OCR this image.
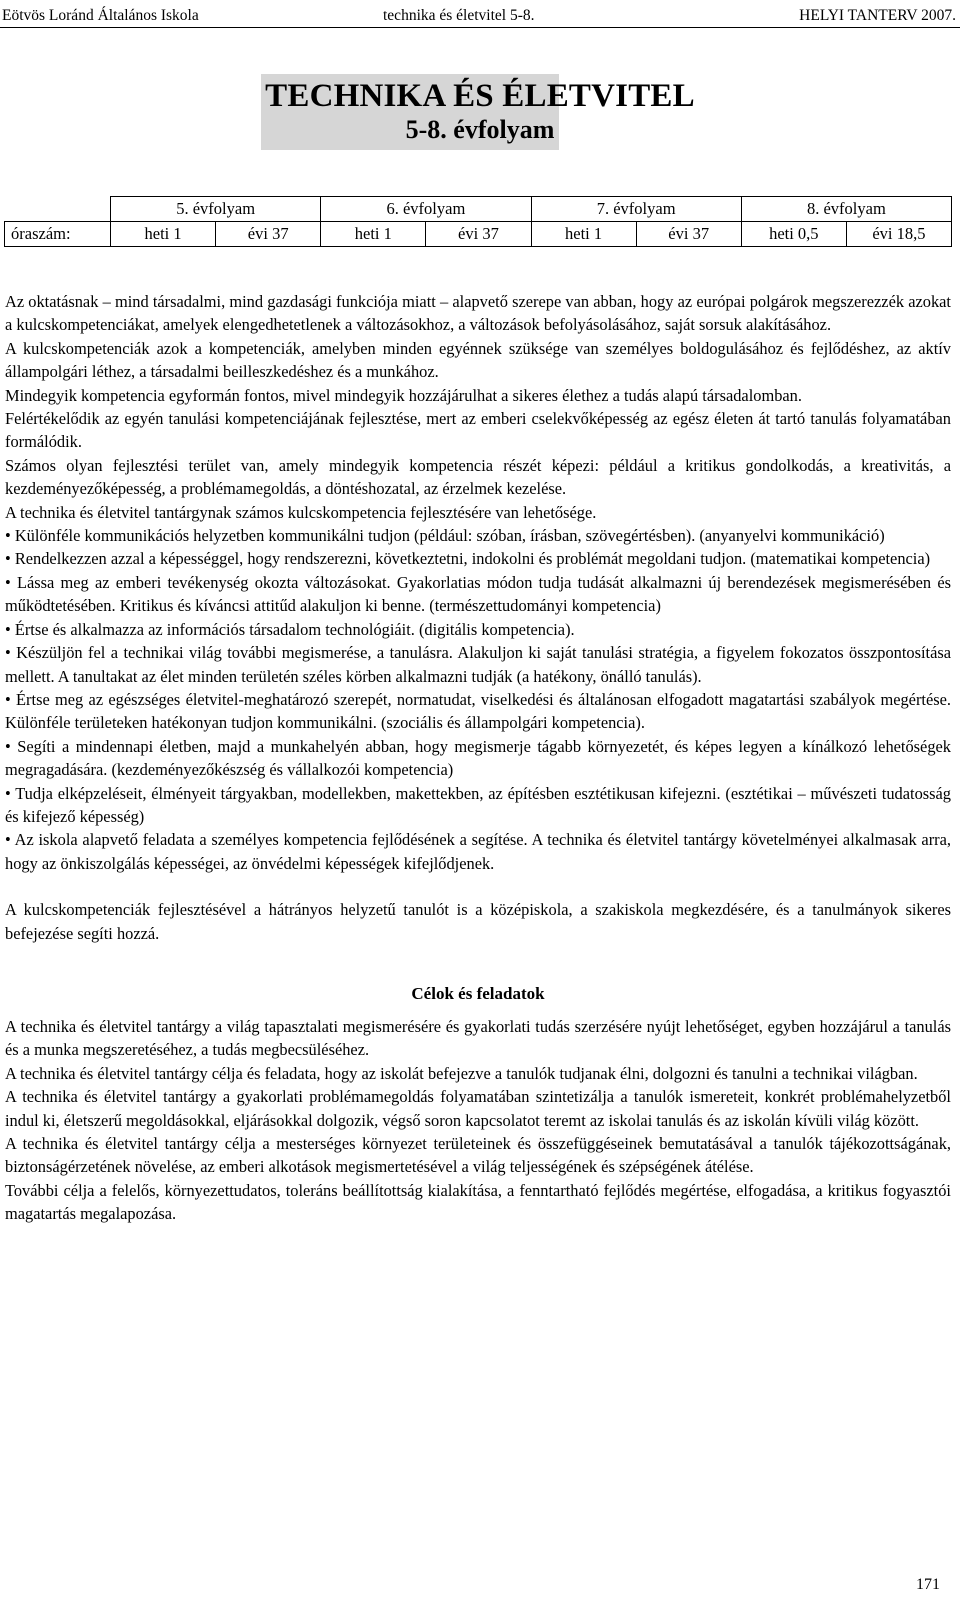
Eötvös Loránd Általános Iskola	technika és életvitel 5-8.	HELYI TANTERV 2007.
TECHNIKA ÉS ÉLETVITEL
5-8. évfolyam
	5. évfolyam		6. évfolyam		7. évfolyam		8. évfolyam	
óraszám:	heti 1	évi 37	heti 1	évi 37	heti 1	évi 37	heti 0,5	évi 18,5

Az oktatásnak – mind társadalmi, mind gazdasági funkciója miatt – alapvető szerepe van abban, hogy az európai polgárok megszerezzék azokat a kulcskompetenciákat, amelyek elengedhetetlenek a változásokhoz, a változások befolyásolásához, saját sorsuk alakításához.

A kulcskompetenciák azok a kompetenciák, amelyben minden egyénnek szüksége van személyes boldogulásához és fejlődéshez, az aktív állampolgári léthez, a társadalmi beilleszkedéshez és a munkához.

Mindegyik kompetencia egyformán fontos, mivel mindegyik hozzájárulhat a sikeres élethez a tudás alapú társadalomban.

Felértékelődik az egyén tanulási kompetenciájának fejlesztése, mert az emberi cselekvőképesség az egész életen át tartó tanulás folyamatában formálódik.

Számos olyan fejlesztési terület van, amely mindegyik kompetencia részét képezi: például a kritikus gondolkodás, a kreativitás, a kezdeményezőképesség, a problémamegoldás, a döntéshozatal, az érzelmek kezelése.

A technika és életvitel tantárgynak számos kulcskompetencia fejlesztésére van lehetősége.

• Különféle kommunikációs helyzetben kommunikálni tudjon (például: szóban, írásban, szövegértésben). (anyanyelvi kommunikáció)

• Rendelkezzen azzal a képességgel, hogy rendszerezni, következtetni, indokolni és problémát megoldani tudjon. (matematikai kompetencia)

• Lássa meg az emberi tevékenység okozta változásokat. Gyakorlatias módon tudja tudását alkalmazni új berendezések megismerésében és működtetésében. Kritikus és kíváncsi attitűd alakuljon ki benne. (természettudományi kompetencia)

• Értse és alkalmazza az információs társadalom technológiáit. (digitális kompetencia).

• Készüljön fel a technikai világ további megismerése, a tanulásra. Alakuljon ki saját tanulási stratégia, a figyelem fokozatos összpontosítása mellett. A tanultakat az élet minden területén széles körben alkalmazni tudják (a hatékony, önálló tanulás).

• Értse meg az egészséges életvitel-meghatározó szerepét, normatudat, viselkedési és általánosan elfogadott magatartási szabályok megértése. Különféle területeken hatékonyan tudjon kommunikálni. (szociális és állampolgári kompetencia).

• Segíti a mindennapi életben, majd a munkahelyén abban, hogy megismerje tágabb környezetét, és képes legyen a kínálkozó lehetőségek megragadására. (kezdeményezőkészség és vállalkozói kompetencia)

• Tudja elképzeléseit, élményeit tárgyakban, modellekben, makettekben, az építésben esztétikusan kifejezni. (esztétikai – művészeti tudatosság és kifejező képesség)

• Az iskola alapvető feladata a személyes kompetencia fejlődésének a segítése. A technika és életvitel tantárgy követelményei alkalmasak arra, hogy az önkiszolgálás képességei, az önvédelmi képességek kifejlődjenek.

A kulcskompetenciák fejlesztésével a hátrányos helyzetű tanulót is a középiskola, a szakiskola megkezdésére, és a tanulmányok sikeres befejezése segíti hozzá.

Célok és feladatok

A technika és életvitel tantárgy a világ tapasztalati megismerésére és gyakorlati tudás szerzésére nyújt lehetőséget, egyben hozzájárul a tanulás és a munka megszeretéséhez, a tudás megbecsüléséhez.

A technika és életvitel tantárgy célja és feladata, hogy az iskolát befejezve a tanulók tudjanak élni, dolgozni és tanulni a technikai világban.

A technika és életvitel tantárgy a gyakorlati problémamegoldás folyamatában szintetizálja a tanulók ismereteit, konkrét problémahelyzetből indul ki, életszerű megoldásokkal, eljárásokkal dolgozik, végső soron kapcsolatot teremt az iskolai tanulás és az iskolán kívüli világ között.

A technika és életvitel tantárgy célja a mesterséges környezet területeinek és összefüggéseinek bemutatásával a tanulók tájékozottságának, biztonságérzetének növelése, az emberi alkotások megismertetésével a világ teljességének és szépségének átélése.

További célja a felelős, környezettudatos, toleráns beállítottság kialakítása, a fenntartható fejlődés megértése, elfogadása, a kritikus fogyasztói magatartás megalapozása.

171
